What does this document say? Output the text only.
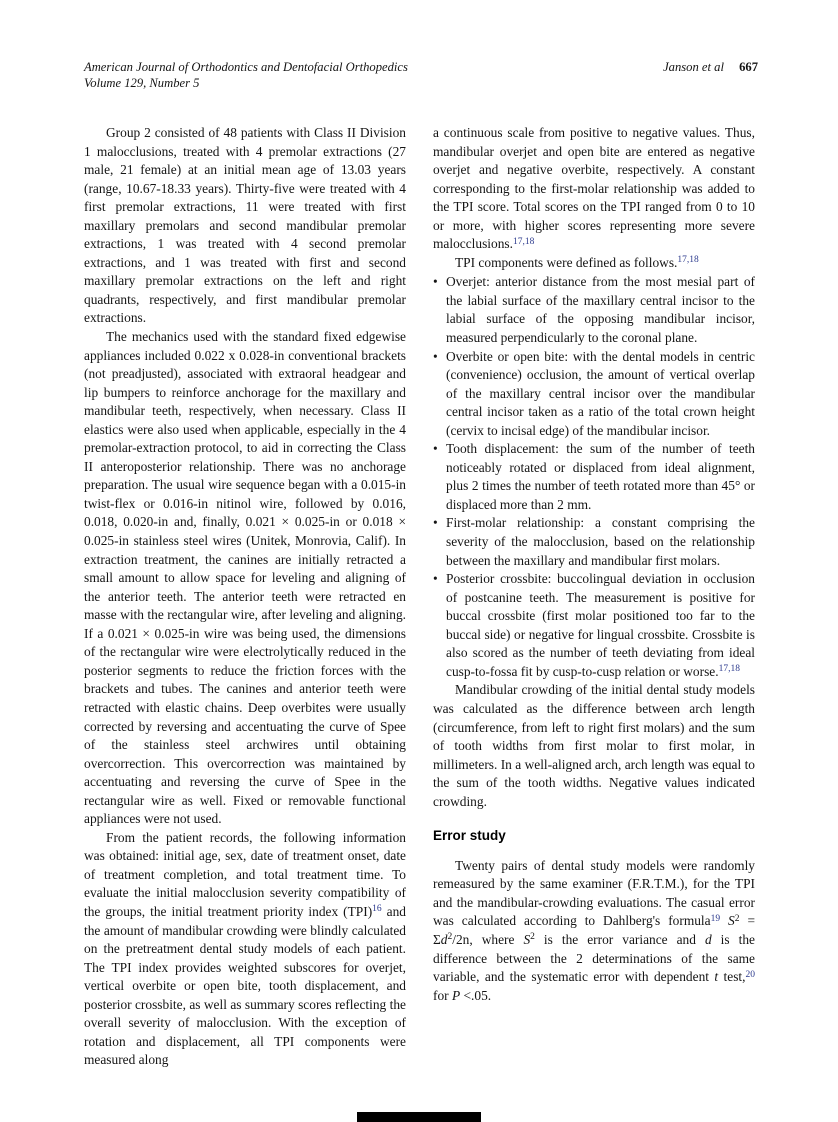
American Journal of Orthodontics and Dentofacial Orthopedics
Volume 129, Number 5
Janson et al 667

Group 2 consisted of 48 patients with Class II Division 1 malocclusions, treated with 4 premolar extractions (27 male, 21 female) at an initial mean age of 13.03 years (range, 10.67-18.33 years). Thirty-five were treated with 4 first premolar extractions, 11 were treated with first maxillary premolars and second mandibular premolar extractions, 1 was treated with 4 second premolar extractions, and 1 was treated with first and second maxillary premolar extractions on the left and right quadrants, respectively, and first mandibular premolar extractions.

The mechanics used with the standard fixed edgewise appliances included 0.022 x 0.028-in conventional brackets (not preadjusted), associated with extraoral headgear and lip bumpers to reinforce anchorage for the maxillary and mandibular teeth, respectively, when necessary. Class II elastics were also used when applicable, especially in the 4 premolar-extraction protocol, to aid in correcting the Class II anteroposterior relationship. There was no anchorage preparation. The usual wire sequence began with a 0.015-in twist-flex or 0.016-in nitinol wire, followed by 0.016, 0.018, 0.020-in and, finally, 0.021 × 0.025-in or 0.018 × 0.025-in stainless steel wires (Unitek, Monrovia, Calif). In extraction treatment, the canines are initially retracted a small amount to allow space for leveling and aligning of the anterior teeth. The anterior teeth were retracted en masse with the rectangular wire, after leveling and aligning. If a 0.021 × 0.025-in wire was being used, the dimensions of the rectangular wire were electrolytically reduced in the posterior segments to reduce the friction forces with the brackets and tubes. The canines and anterior teeth were retracted with elastic chains. Deep overbites were usually corrected by reversing and accentuating the curve of Spee of the stainless steel archwires until obtaining overcorrection. This overcorrection was maintained by accentuating and reversing the curve of Spee in the rectangular wire as well. Fixed or removable functional appliances were not used.

From the patient records, the following information was obtained: initial age, sex, date of treatment onset, date of treatment completion, and total treatment time. To evaluate the initial malocclusion severity compatibility of the groups, the initial treatment priority index (TPI)$^{16}$ and the amount of mandibular crowding were blindly calculated on the pretreatment dental study models of each patient. The TPI index provides weighted subscores for overjet, vertical overbite or open bite, tooth displacement, and posterior crossbite, as well as summary scores reflecting the overall severity of malocclusion. With the exception of rotation and displacement, all TPI components were measured along

a continuous scale from positive to negative values. Thus, mandibular overjet and open bite are entered as negative overjet and negative overbite, respectively. A constant corresponding to the first-molar relationship was added to the TPI score. Total scores on the TPI ranged from 0 to 10 or more, with higher scores representing more severe malocclusions.$^{17,18}$

TPI components were defined as follows.$^{17,18}$

• Overjet: anterior distance from the most mesial part of the labial surface of the maxillary central incisor to the labial surface of the opposing mandibular incisor, measured perpendicularly to the coronal plane.
• Overbite or open bite: with the dental models in centric (convenience) occlusion, the amount of vertical overlap of the maxillary central incisor over the mandibular central incisor taken as a ratio of the total crown height (cervix to incisal edge) of the mandibular incisor.
• Tooth displacement: the sum of the number of teeth noticeably rotated or displaced from ideal alignment, plus 2 times the number of teeth rotated more than 45° or displaced more than 2 mm.
• First-molar relationship: a constant comprising the severity of the malocclusion, based on the relationship between the maxillary and mandibular first molars.
• Posterior crossbite: buccolingual deviation in occlusion of postcanine teeth. The measurement is positive for buccal crossbite (first molar positioned too far to the buccal side) or negative for lingual crossbite. Crossbite is also scored as the number of teeth deviating from ideal cusp-to-fossa fit by cusp-to-cusp relation or worse.$^{17,18}$

Mandibular crowding of the initial dental study models was calculated as the difference between arch length (circumference, from left to right first molars) and the sum of tooth widths from first molar to first molar, in millimeters. In a well-aligned arch, arch length was equal to the sum of the tooth widths. Negative values indicated crowding.

Error study

Twenty pairs of dental study models were randomly remeasured by the same examiner (F.R.T.M.), for the TPI and the mandibular-crowding evaluations. The casual error was calculated according to Dahlberg's formula$^{19}$ $S^2 = \Sigma d^2/2n$, where $S^2$ is the error variance and d is the difference between the 2 determinations of the same variable, and the systematic error with dependent t test,$^{20}$ for P <.05.
